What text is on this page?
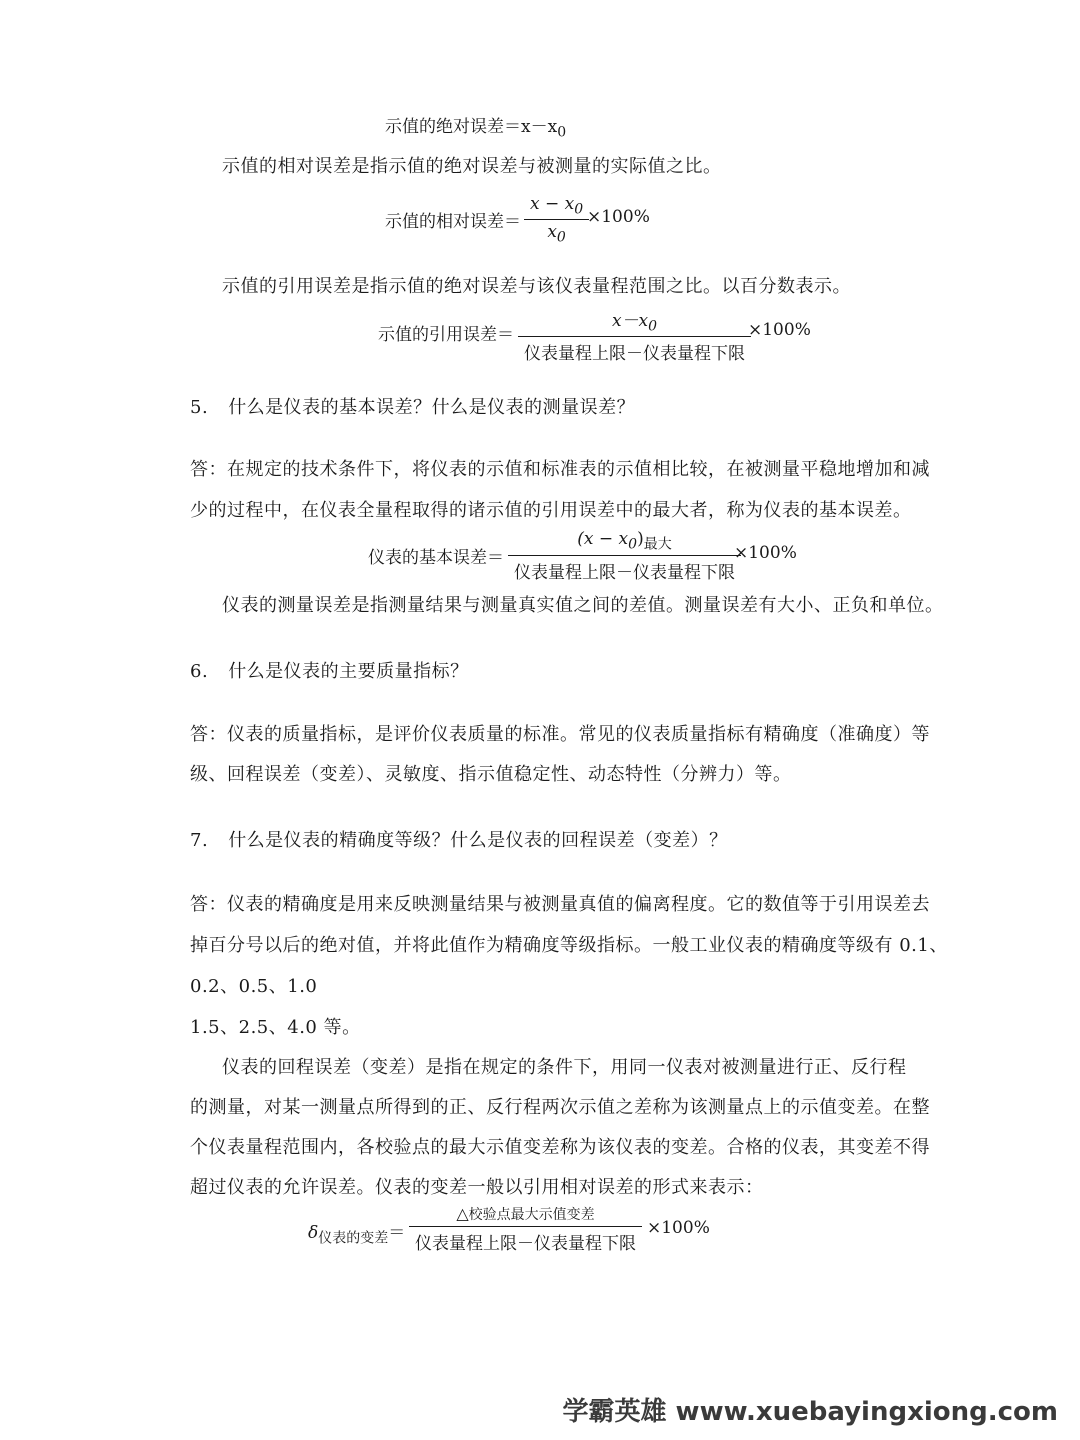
示值的绝对误差$=x-x_0$
示值的相对误差是指示值的绝对误差与被测量的实际值之比。
示值的相对误差＝
$x - x_0$
$x_0$
×100%
示值的引用误差是指示值的绝对误差与该仪表量程范围之比。以百分数表示。
示值的引用误差＝
$x-x_0$
仪表量程上限－仪表量程下限
×100%
5. 什么是仪表的基本误差？什么是仪表的测量误差？
答：在规定的技术条件下，将仪表的示值和标准表的示值相比较，在被测量平稳地增加和减
少的过程中，在仪表全量程取得的诸示值的引用误差中的最大者，称为仪表的基本误差。
仪表的基本误差＝
$(x - x_0)_{最大}$
仪表量程上限－仪表量程下限
×100%
仪表的测量误差是指测量结果与测量真实值之间的差值。测量误差有大小、正负和单位。
6. 什么是仪表的主要质量指标？
答：仪表的质量指标，是评价仪表质量的标准。常见的仪表质量指标有精确度（准确度）等
级、回程误差（变差）、灵敏度、指示值稳定性、动态特性（分辨力）等。
7. 什么是仪表的精确度等级？什么是仪表的回程误差（变差）？
答：仪表的精确度是用来反映测量结果与被测量真值的偏离程度。它的数值等于引用误差去
掉百分号以后的绝对值，并将此值作为精确度等级指标。一般工业仪表的精确度等级有 0.1、
0.2、0.5、1.0
1.5、2.5、4.0 等。
仪表的回程误差（变差）是指在规定的条件下，用同一仪表对被测量进行正、反行程
的测量，对某一测量点所得到的正、反行程两次示值之差称为该测量点上的示值变差。在整
个仪表量程范围内，各校验点的最大示值变差称为该仪表的变差。合格的仪表，其变差不得
超过仪表的允许误差。仪表的变差一般以引用相对误差的形式来表示：
$\delta_{仪表的变差}=$
△校验点最大示值变差
仪表量程上限－仪表量程下限
×100%
学霸英雄 www.xuebayingxiong.com
